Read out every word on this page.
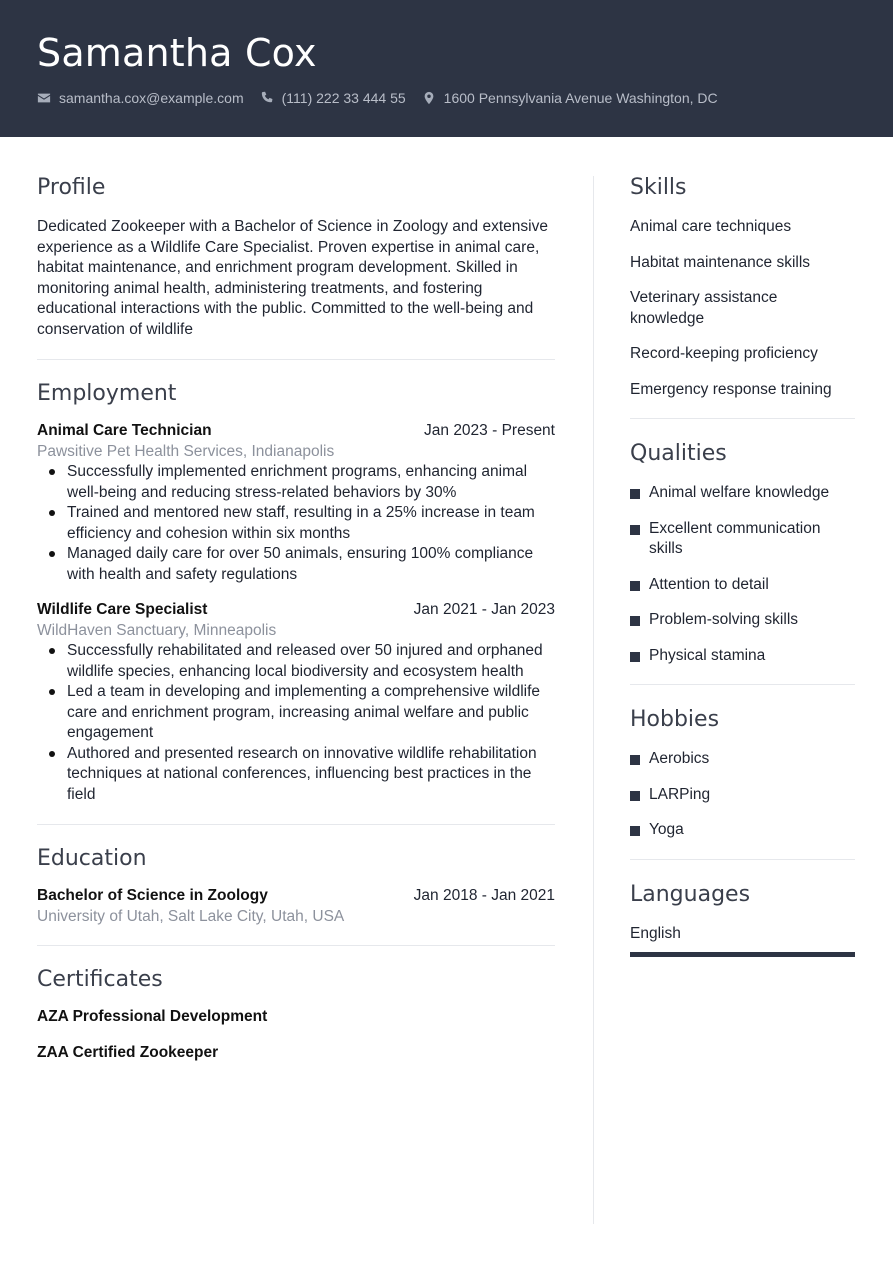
Samantha Cox
samantha.cox@example.com	(111) 222 33 444 55	1600 Pennsylvania Avenue Washington, DC
Profile

Dedicated Zookeeper with a Bachelor of Science in Zoology and extensive experience as a Wildlife Care Specialist. Proven expertise in animal care, habitat maintenance, and enrichment program development. Skilled in monitoring animal health, administering treatments, and fostering educational interactions with the public. Committed to the well-being and conservation of wildlife

Employment
Animal Care Technician	Jan 2023 - Present
Pawsitive Pet Health Services, Indianapolis
Successfully implemented enrichment programs, enhancing animal well-being and reducing stress-related behaviors by 30%
Trained and mentored new staff, resulting in a 25% increase in team efficiency and cohesion within six months
Managed daily care for over 50 animals, ensuring 100% compliance with health and safety regulations
Wildlife Care Specialist	Jan 2021 - Jan 2023
WildHaven Sanctuary, Minneapolis
Successfully rehabilitated and released over 50 injured and orphaned wildlife species, enhancing local biodiversity and ecosystem health
Led a team in developing and implementing a comprehensive wildlife care and enrichment program, increasing animal welfare and public engagement
Authored and presented research on innovative wildlife rehabilitation techniques at national conferences, influencing best practices in the field
Education
Bachelor of Science in Zoology	Jan 2018 - Jan 2021
University of Utah, Salt Lake City, Utah, USA
Certificates
AZA Professional Development
ZAA Certified Zookeeper
Skills
Animal care techniques
Habitat maintenance skills
Veterinary assistance knowledge
Record-keeping proficiency
Emergency response training
Qualities
Animal welfare knowledge
Excellent communication skills
Attention to detail
Problem-solving skills
Physical stamina
Hobbies
Aerobics
LARPing
Yoga
Languages
English
